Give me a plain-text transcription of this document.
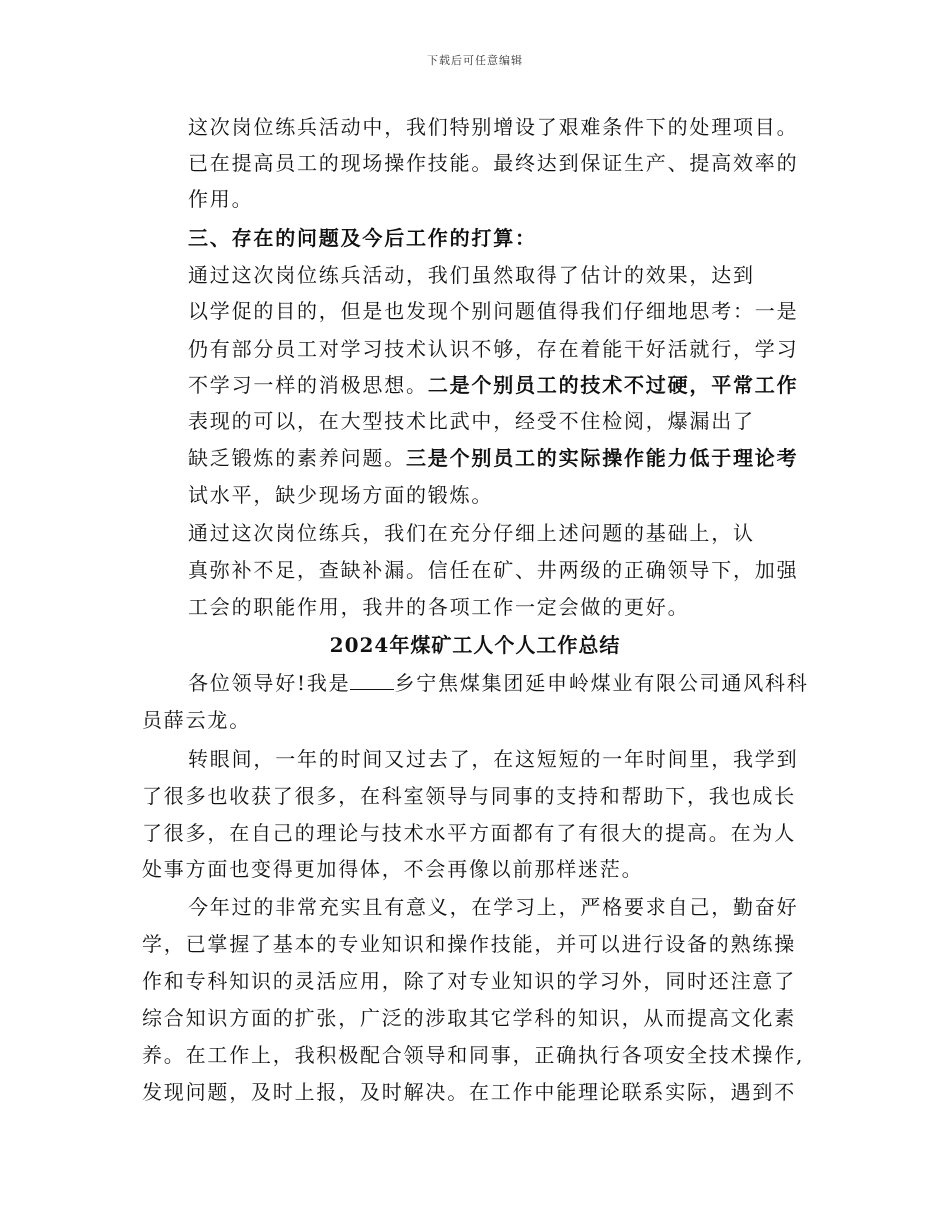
下载后可任意编辑
这次岗位练兵活动中，我们特别增设了艰难条件下的处理项目。
已在提高员工的现场操作技能。最终达到保证生产、提高效率的
作用。
三、存在的问题及今后工作的打算：
通过这次岗位练兵活动，我们虽然取得了估计的效果，达到
以学促的目的，但是也发现个别问题值得我们仔细地思考：一是
仍有部分员工对学习技术认识不够，存在着能干好活就行，学习
不学习一样的消极思想。二是个别员工的技术不过硬，平常工作
表现的可以，在大型技术比武中，经受不住检阅，爆漏出了
缺乏锻炼的素养问题。三是个别员工的实际操作能力低于理论考
试水平，缺少现场方面的锻炼。
通过这次岗位练兵，我们在充分仔细上述问题的基础上，认
真弥补不足，查缺补漏。信任在矿、井两级的正确领导下，加强
工会的职能作用，我井的各项工作一定会做的更好。
2024年煤矿工人个人工作总结
各位领导好!我是 乡宁焦煤集团延申岭煤业有限公司通风科科
员薛云龙。
转眼间，一年的时间又过去了，在这短短的一年时间里，我学到
了很多也收获了很多，在科室领导与同事的支持和帮助下，我也成长
了很多，在自己的理论与技术水平方面都有了有很大的提高。在为人
处事方面也变得更加得体，不会再像以前那样迷茫。
今年过的非常充实且有意义，在学习上，严格要求自己，勤奋好
学，已掌握了基本的专业知识和操作技能，并可以进行设备的熟练操
作和专科知识的灵活应用，除了对专业知识的学习外，同时还注意了
综合知识方面的扩张，广泛的涉取其它学科的知识，从而提高文化素
养。在工作上，我积极配合领导和同事，正确执行各项安全技术操作,
发现问题，及时上报，及时解决。在工作中能理论联系实际，遇到不
